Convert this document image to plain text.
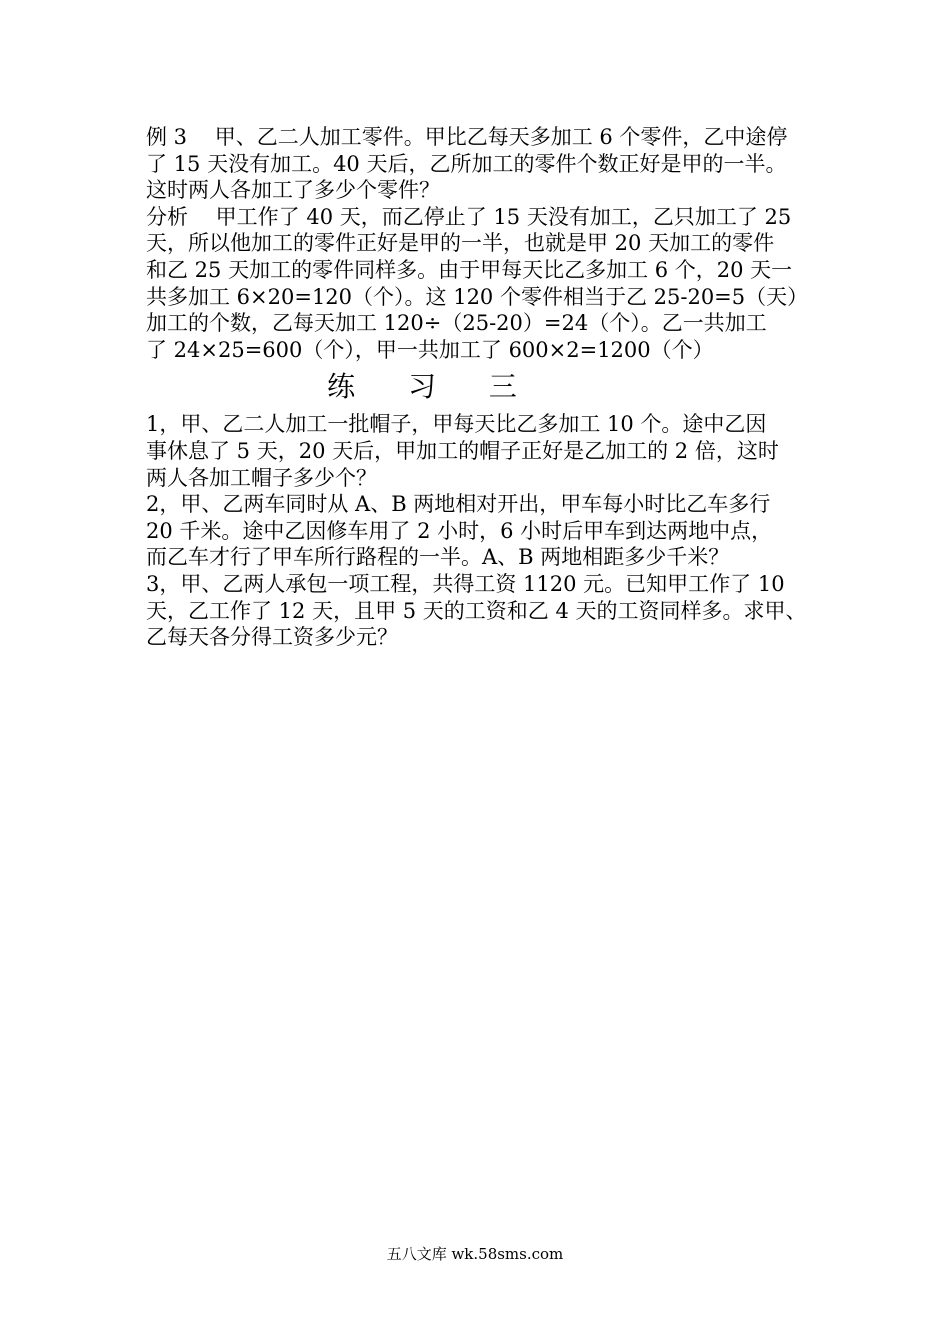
例 3　 甲、乙二人加工零件。甲比乙每天多加工 6 个零件，乙中途停
了 15 天没有加工。40 天后，乙所加工的零件个数正好是甲的一半。
这时两人各加工了多少个零件？
分析　 甲工作了 40 天，而乙停止了 15 天没有加工，乙只加工了 25
天，所以他加工的零件正好是甲的一半，也就是甲 20 天加工的零件
和乙 25 天加工的零件同样多。由于甲每天比乙多加工 6 个，20 天一
共多加工 6×20=120（个）。这 120 个零件相当于乙 25-20=5（天）
加工的个数，乙每天加工 120÷（25-20）=24（个）。乙一共加工
了 24×25=600（个），甲一共加工了 600×2=1200（个）
练 习 三
1，甲、乙二人加工一批帽子，甲每天比乙多加工 10 个。途中乙因
事休息了 5 天，20 天后，甲加工的帽子正好是乙加工的 2 倍，这时
两人各加工帽子多少个？
2，甲、乙两车同时从 A、B 两地相对开出，甲车每小时比乙车多行
20 千米。途中乙因修车用了 2 小时，6 小时后甲车到达两地中点，
而乙车才行了甲车所行路程的一半。A、B 两地相距多少千米？
3，甲、乙两人承包一项工程，共得工资 1120 元。已知甲工作了 10
天，乙工作了 12 天，且甲 5 天的工资和乙 4 天的工资同样多。求甲、
乙每天各分得工资多少元？
五八文库 wk.58sms.com
